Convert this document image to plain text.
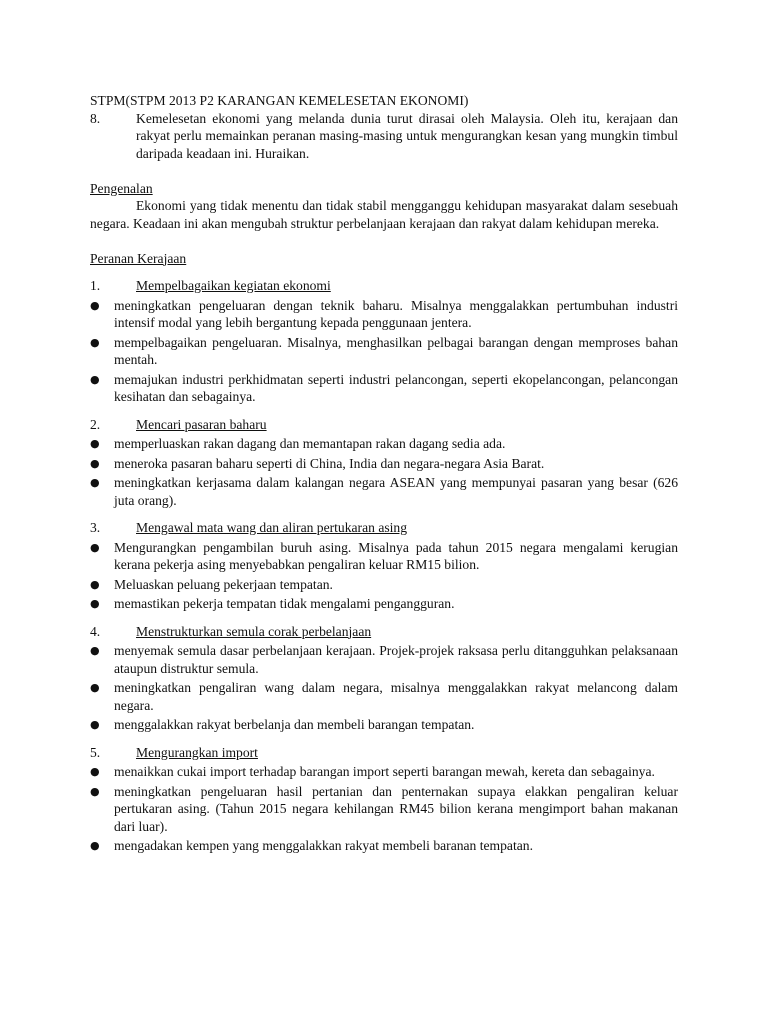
STPM(STPM 2013 P2 KARANGAN KEMELESETAN EKONOMI)
8.	Kemelesetan ekonomi yang melanda dunia turut dirasai oleh Malaysia. Oleh itu, kerajaan dan rakyat perlu memainkan peranan masing-masing untuk mengurangkan kesan yang mungkin timbul daripada keadaan ini. Huraikan.
Pengenalan
Ekonomi yang tidak menentu dan tidak stabil mengganggu kehidupan masyarakat dalam sesebuah negara. Keadaan ini akan mengubah struktur perbelanjaan kerajaan dan rakyat dalam kehidupan mereka.
Peranan Kerajaan
1.	Mempelbagaikan kegiatan ekonomi
● meningkatkan pengeluaran dengan teknik baharu. Misalnya menggalakkan pertumbuhan industri intensif modal yang lebih bergantung kepada penggunaan jentera.
● mempelbagaikan pengeluaran. Misalnya, menghasilkan pelbagai barangan dengan memproses bahan mentah.
● memajukan industri perkhidmatan seperti industri pelancongan, seperti ekopelancongan, pelancongan kesihatan dan sebagainya.
2.	Mencari pasaran baharu
● memperluaskan rakan dagang dan memantapan rakan dagang sedia ada.
● meneroka pasaran baharu seperti di China, India dan negara-negara Asia Barat.
● meningkatkan kerjasama dalam kalangan negara ASEAN yang mempunyai pasaran yang besar (626 juta orang).
3.	Mengawal mata wang dan aliran pertukaran asing
● Mengurangkan pengambilan buruh asing. Misalnya pada tahun 2015 negara mengalami kerugian kerana pekerja asing menyebabkan pengaliran keluar RM15 bilion.
● Meluaskan peluang pekerjaan tempatan.
● memastikan pekerja tempatan tidak mengalami pengangguran.
4.	Menstrukturkan semula corak perbelanjaan
● menyemak semula dasar perbelanjaan kerajaan. Projek-projek raksasa perlu ditangguhkan pelaksanaan ataupun distruktur semula.
● meningkatkan pengaliran wang dalam negara, misalnya menggalakkan rakyat melancong dalam negara.
● menggalakkan rakyat berbelanja dan membeli barangan tempatan.
5.	Mengurangkan import
● menaikkan cukai import terhadap barangan import seperti barangan mewah, kereta dan sebagainya.
● meningkatkan pengeluaran hasil pertanian dan penternakan supaya elakkan pengaliran keluar pertukaran asing. (Tahun 2015 negara kehilangan RM45 bilion kerana mengimport bahan makanan dari luar).
● mengadakan kempen yang menggalakkan rakyat membeli baranan tempatan.
